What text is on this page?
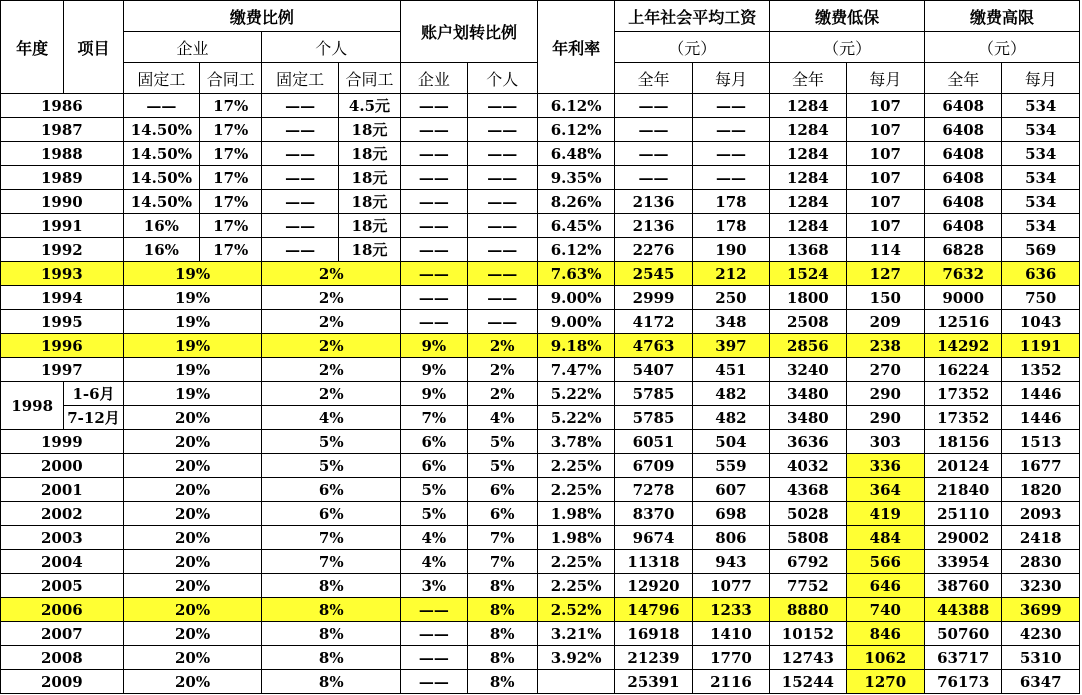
年度	项目	缴费比例				账户划转比例		年利率	上年社会平均工资		缴费低保		缴费高限	
		企业		个人					（元）		（元）		（元）	
		固定工	合同工	固定工	合同工	企业	个人		全年	每月	全年	每月	全年	每月
1986		——	17%	——	4.5元	——	——	6.12%	——	——	1284	107	6408	534
1987		14.50%	17%	——	18元	——	——	6.12%	——	——	1284	107	6408	534
1988		14.50%	17%	——	18元	——	——	6.48%	——	——	1284	107	6408	534
1989		14.50%	17%	——	18元	——	——	9.35%	——	——	1284	107	6408	534
1990		14.50%	17%	——	18元	——	——	8.26%	2136	178	1284	107	6408	534
1991		16%	17%	——	18元	——	——	6.45%	2136	178	1284	107	6408	534
1992		16%	17%	——	18元	——	——	6.12%	2276	190	1368	114	6828	569
1993		19%		2%		——	——	7.63%	2545	212	1524	127	7632	636
1994		19%		2%		——	——	9.00%	2999	250	1800	150	9000	750
1995		19%		2%		——	——	9.00%	4172	348	2508	209	12516	1043
1996		19%		2%		9%	2%	9.18%	4763	397	2856	238	14292	1191
1997		19%		2%		9%	2%	7.47%	5407	451	3240	270	16224	1352
1998	1-6月	19%		2%		9%	2%	5.22%	5785	482	3480	290	17352	1446
	7-12月	20%		4%		7%	4%	5.22%	5785	482	3480	290	17352	1446
1999		20%		5%		6%	5%	3.78%	6051	504	3636	303	18156	1513
2000		20%		5%		6%	5%	2.25%	6709	559	4032	336	20124	1677
2001		20%		6%		5%	6%	2.25%	7278	607	4368	364	21840	1820
2002		20%		6%		5%	6%	1.98%	8370	698	5028	419	25110	2093
2003		20%		7%		4%	7%	1.98%	9674	806	5808	484	29002	2418
2004		20%		7%		4%	7%	2.25%	11318	943	6792	566	33954	2830
2005		20%		8%		3%	8%	2.25%	12920	1077	7752	646	38760	3230
2006		20%		8%		——	8%	2.52%	14796	1233	8880	740	44388	3699
2007		20%		8%		——	8%	3.21%	16918	1410	10152	846	50760	4230
2008		20%		8%		——	8%	3.92%	21239	1770	12743	1062	63717	5310
2009		20%		8%		——	8%		25391	2116	15244	1270	76173	6347
